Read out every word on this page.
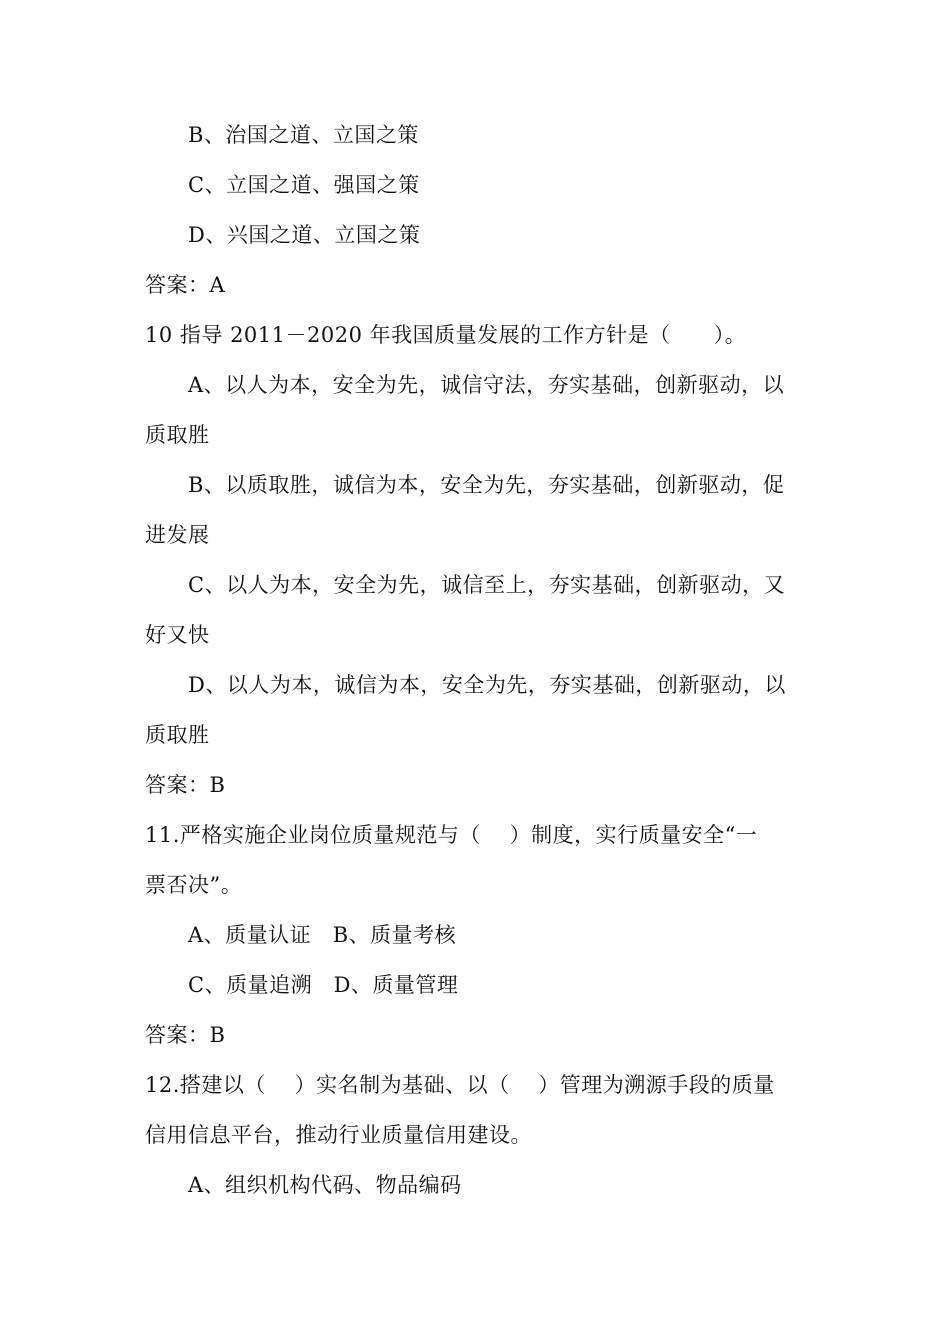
B、治国之道、立国之策
C、立国之道、强国之策
D、兴国之道、立国之策
答案：A
10 指导 2011－2020 年我国质量发展的工作方针是（      ）。
A、以人为本，安全为先，诚信守法，夯实基础，创新驱动，以
质取胜
B、以质取胜，诚信为本，安全为先，夯实基础，创新驱动，促
进发展
C、以人为本，安全为先，诚信至上，夯实基础，创新驱动，又
好又快
D、以人为本，诚信为本，安全为先，夯实基础，创新驱动，以
质取胜
答案：B
11.严格实施企业岗位质量规范与（    ）制度，实行质量安全“一
票否决”。
A、质量认证   B、质量考核
C、质量追溯   D、质量管理
答案：B
12.搭建以（    ）实名制为基础、以（    ）管理为溯源手段的质量
信用信息平台，推动行业质量信用建设。
A、组织机构代码、物品编码
